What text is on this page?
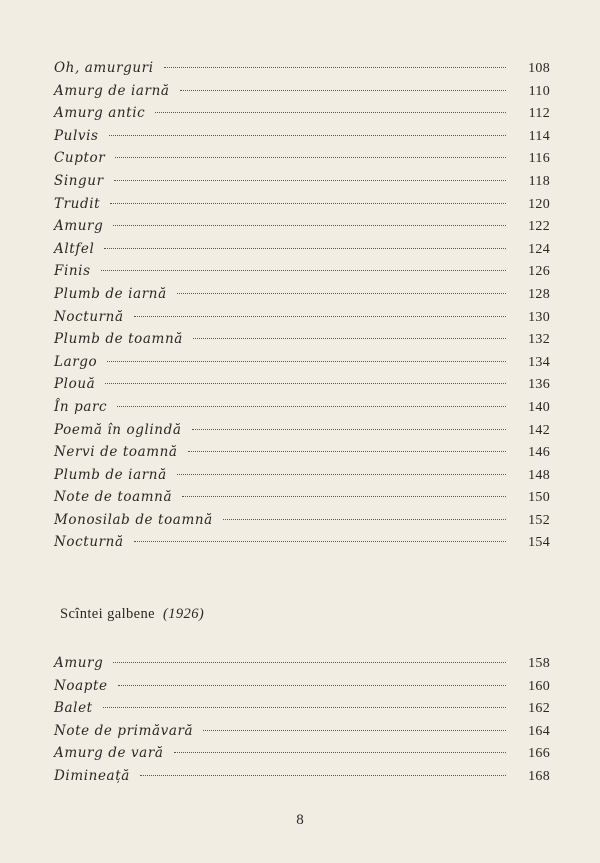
Oh, amurguri	108
Amurg de iarnă	110
Amurg antic	112
Pulvis	114
Cuptor	116
Singur	118
Trudit	120
Amurg	122
Altfel	124
Finis	126
Plumb de iarnă	128
Nocturnă	130
Plumb de toamnă	132
Largo	134
Plouă	136
În parc	140
Poemă în oglindă	142
Nervi de toamnă	146
Plumb de iarnă	148
Note de toamnă	150
Monosilab de toamnă	152
Nocturnă	154
Scîntei galbene (1926)
Amurg	158
Noapte	160
Balet	162
Note de primăvară	164
Amurg de vară	166
Dimineață	168
8
